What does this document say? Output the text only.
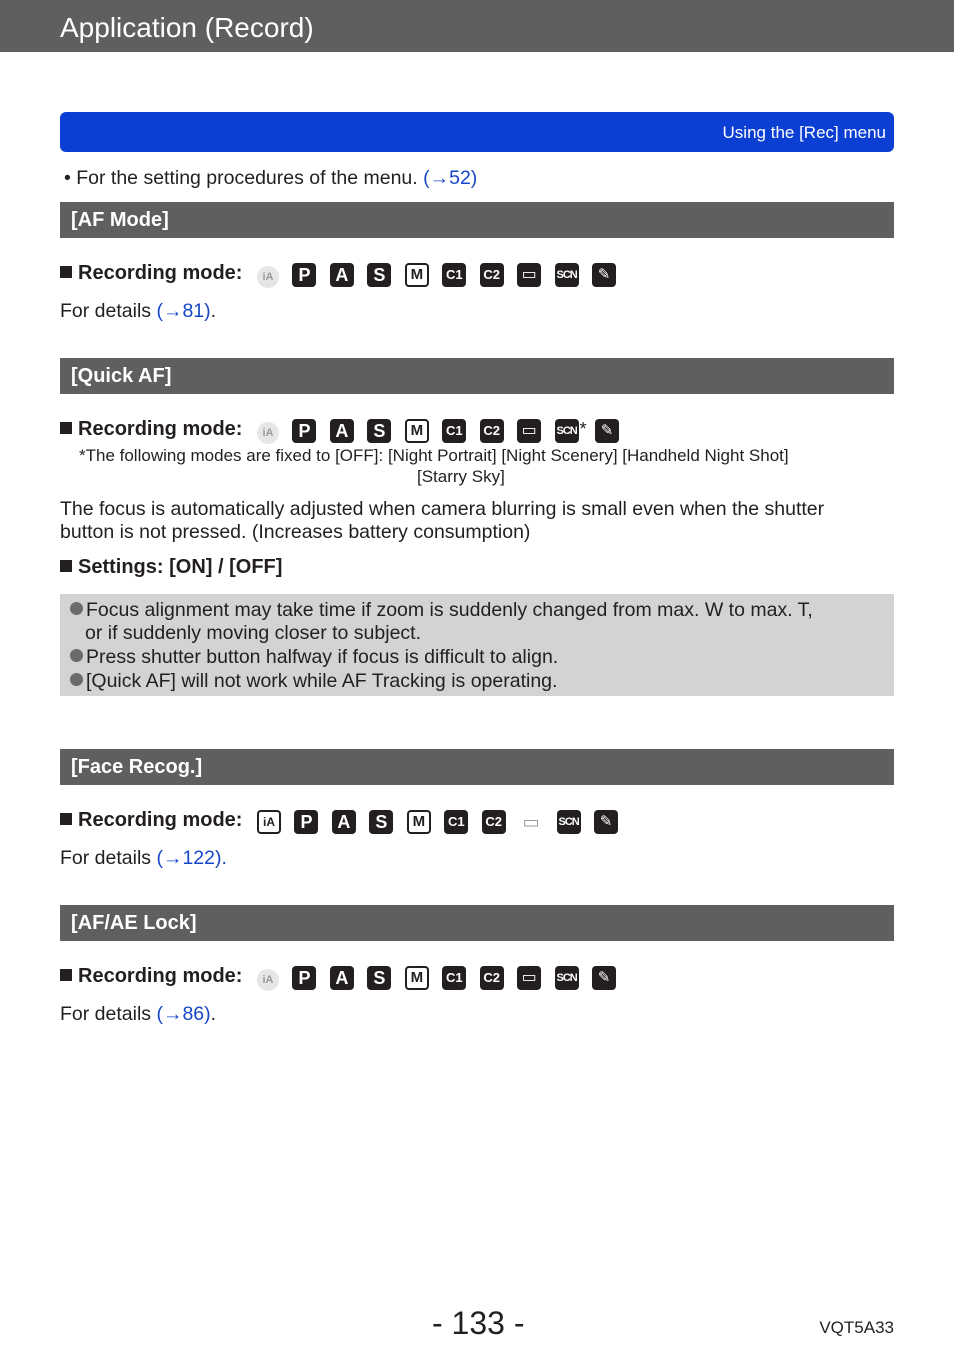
Application (Record)
Using the [Rec] menu
• For the setting procedures of the menu. (→52)
[AF Mode]
Recording mode:	iA P A S M C1 C2 ▭ SCN ✎
For details (→81).
[Quick AF]
Recording mode:	iA P A S M C1 C2 ▭ SCN * ✎
*The following modes are fixed to [OFF]: [Night Portrait] [Night Scenery] [Handheld Night Shot]
[Starry Sky]
The focus is automatically adjusted when camera blurring is small even when the shutter
button is not pressed. (Increases battery consumption)
Settings: [ON] / [OFF]
Focus alignment may take time if zoom is suddenly changed from max. W to max. T,
or if suddenly moving closer to subject.
Press shutter button halfway if focus is difficult to align.
[Quick AF] will not work while AF Tracking is operating.
[Face Recog.]
Recording mode:	iA P A S M C1 C2 ▭ SCN ✎
For details (→122).
[AF/AE Lock]
Recording mode:	iA P A S M C1 C2 ▭ SCN ✎
For details (→86).
- 133 -	VQT5A33
